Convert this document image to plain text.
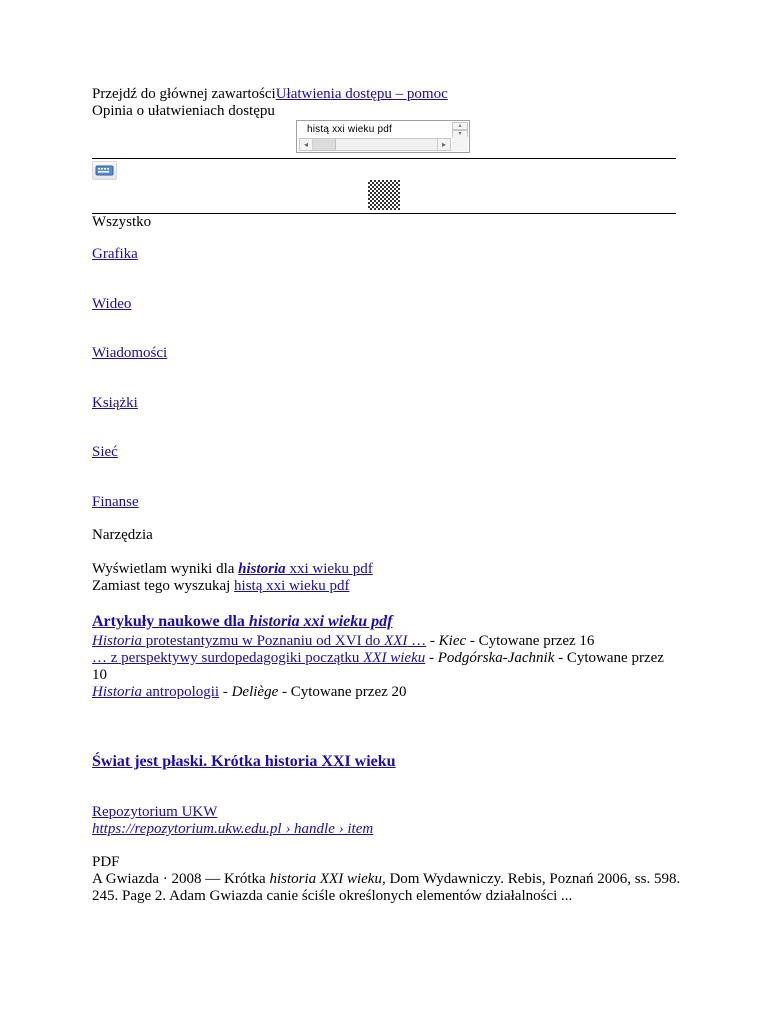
Przejdź do głównej zawartościUłatwienia dostępu – pomoc
Opinia o ułatwieniach dostępu
histą xxi wieku pdf
▴
▾
◂	▸
Wszystko
Grafika
Wideo
Wiadomości
Książki
Sieć
Finanse
Narzędzia
Wyświetlam wyniki dla historia xxi wieku pdf
Zamiast tego wyszukaj histą xxi wieku pdf
Artykuły naukowe dla historia xxi wieku pdf
Historia protestantyzmu w Poznaniu od XVI do XXI … - Kiec - Cytowane przez 16
… z perspektywy surdopedagogiki początku XXI wieku - Podgórska-Jachnik - Cytowane przez 10
Historia antropologii - Deliège - Cytowane przez 20
Świat jest płaski. Krótka historia XXI wieku
Repozytorium UKW
https://repozytorium.ukw.edu.pl › handle › item
PDF
A Gwiazda · 2008 — Krótka historia XXI wieku, Dom Wydawniczy. Rebis, Poznań 2006, ss. 598. 245. Page 2. Adam Gwiazda canie ściśle określonych elementów działalności ...
